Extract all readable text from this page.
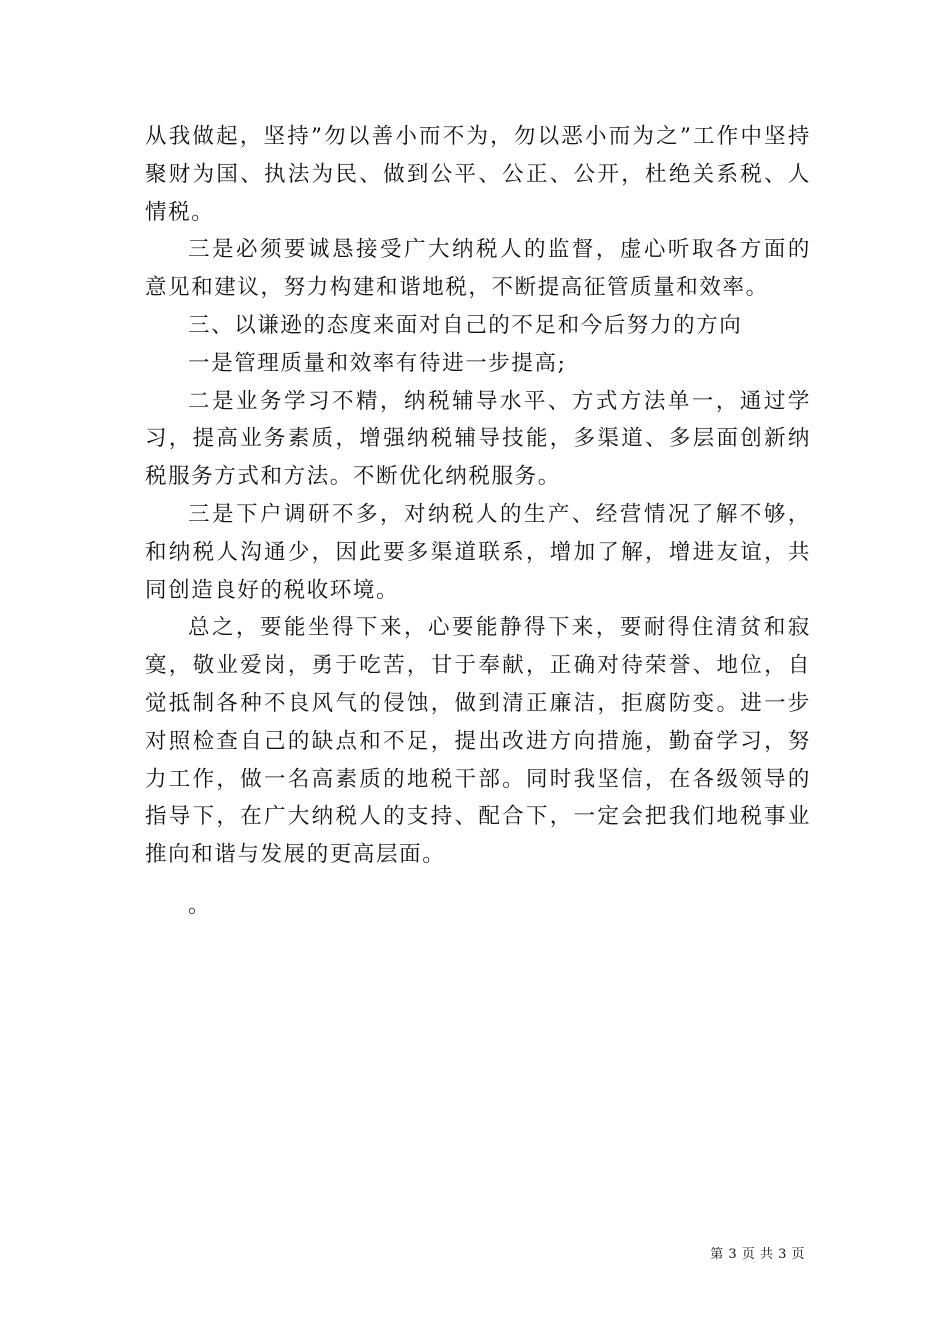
从我做起，坚持”勿以善小而不为，勿以恶小而为之”工作中坚持聚财为国、执法为民、做到公平、公正、公开，杜绝关系税、人情税。

三是必须要诚恳接受广大纳税人的监督，虚心听取各方面的意见和建议，努力构建和谐地税，不断提高征管质量和效率。

三、以谦逊的态度来面对自己的不足和今后努力的方向

一是管理质量和效率有待进一步提高;

二是业务学习不精，纳税辅导水平、方式方法单一，通过学习，提高业务素质，增强纳税辅导技能，多渠道、多层面创新纳税服务方式和方法。不断优化纳税服务。

三是下户调研不多，对纳税人的生产、经营情况了解不够，和纳税人沟通少，因此要多渠道联系，增加了解，增进友谊，共同创造良好的税收环境。

总之，要能坐得下来，心要能静得下来，要耐得住清贫和寂寞，敬业爱岗，勇于吃苦，甘于奉献，正确对待荣誉、地位，自觉抵制各种不良风气的侵蚀，做到清正廉洁，拒腐防变。进一步对照检查自己的缺点和不足，提出改进方向措施，勤奋学习，努力工作，做一名高素质的地税干部。同时我坚信，在各级领导的指导下，在广大纳税人的支持、配合下，一定会把我们地税事业推向和谐与发展的更高层面。

。

第 3 页 共 3 页
